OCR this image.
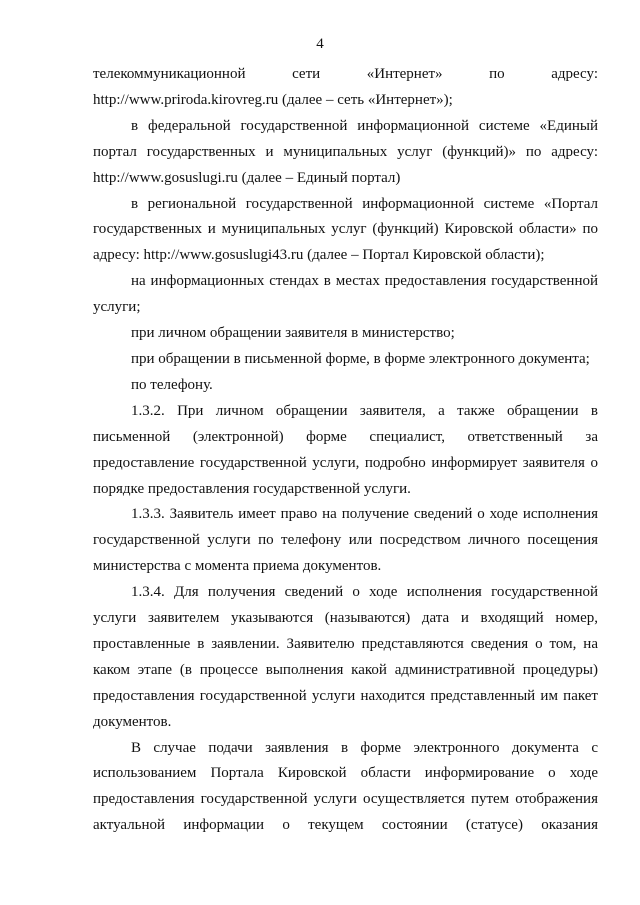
4

телекоммуникационной сети «Интернет» по адресу:
http://www.priroda.kirovreg.ru (далее – сеть «Интернет»);

в федеральной государственной информационной системе «Единый портал государственных и муниципальных услуг (функций)» по адресу: http://www.gosuslugi.ru (далее – Единый портал)

в региональной государственной информационной системе «Портал государственных и муниципальных услуг (функций) Кировской области» по адресу: http://www.gosuslugi43.ru (далее – Портал Кировской области);

на информационных стендах в местах предоставления государственной услуги;

при личном обращении заявителя в министерство;

при обращении в письменной форме, в форме электронного документа;

по телефону.

1.3.2. При личном обращении заявителя, а также обращении в письменной (электронной) форме специалист, ответственный за предоставление государственной услуги, подробно информирует заявителя о порядке предоставления государственной услуги.

1.3.3. Заявитель имеет право на получение сведений о ходе исполнения государственной услуги по телефону или посредством личного посещения министерства с момента приема документов.

1.3.4. Для получения сведений о ходе исполнения государственной услуги заявителем указываются (называются) дата и входящий номер, проставленные в заявлении. Заявителю представляются сведения о том, на каком этапе (в процессе выполнения какой административной процедуры) предоставления государственной услуги находится представленный им пакет документов.

В случае подачи заявления в форме электронного документа с использованием Портала Кировской области информирование о ходе предоставления государственной услуги осуществляется путем отображения актуальной информации о текущем состоянии (статусе) оказания
